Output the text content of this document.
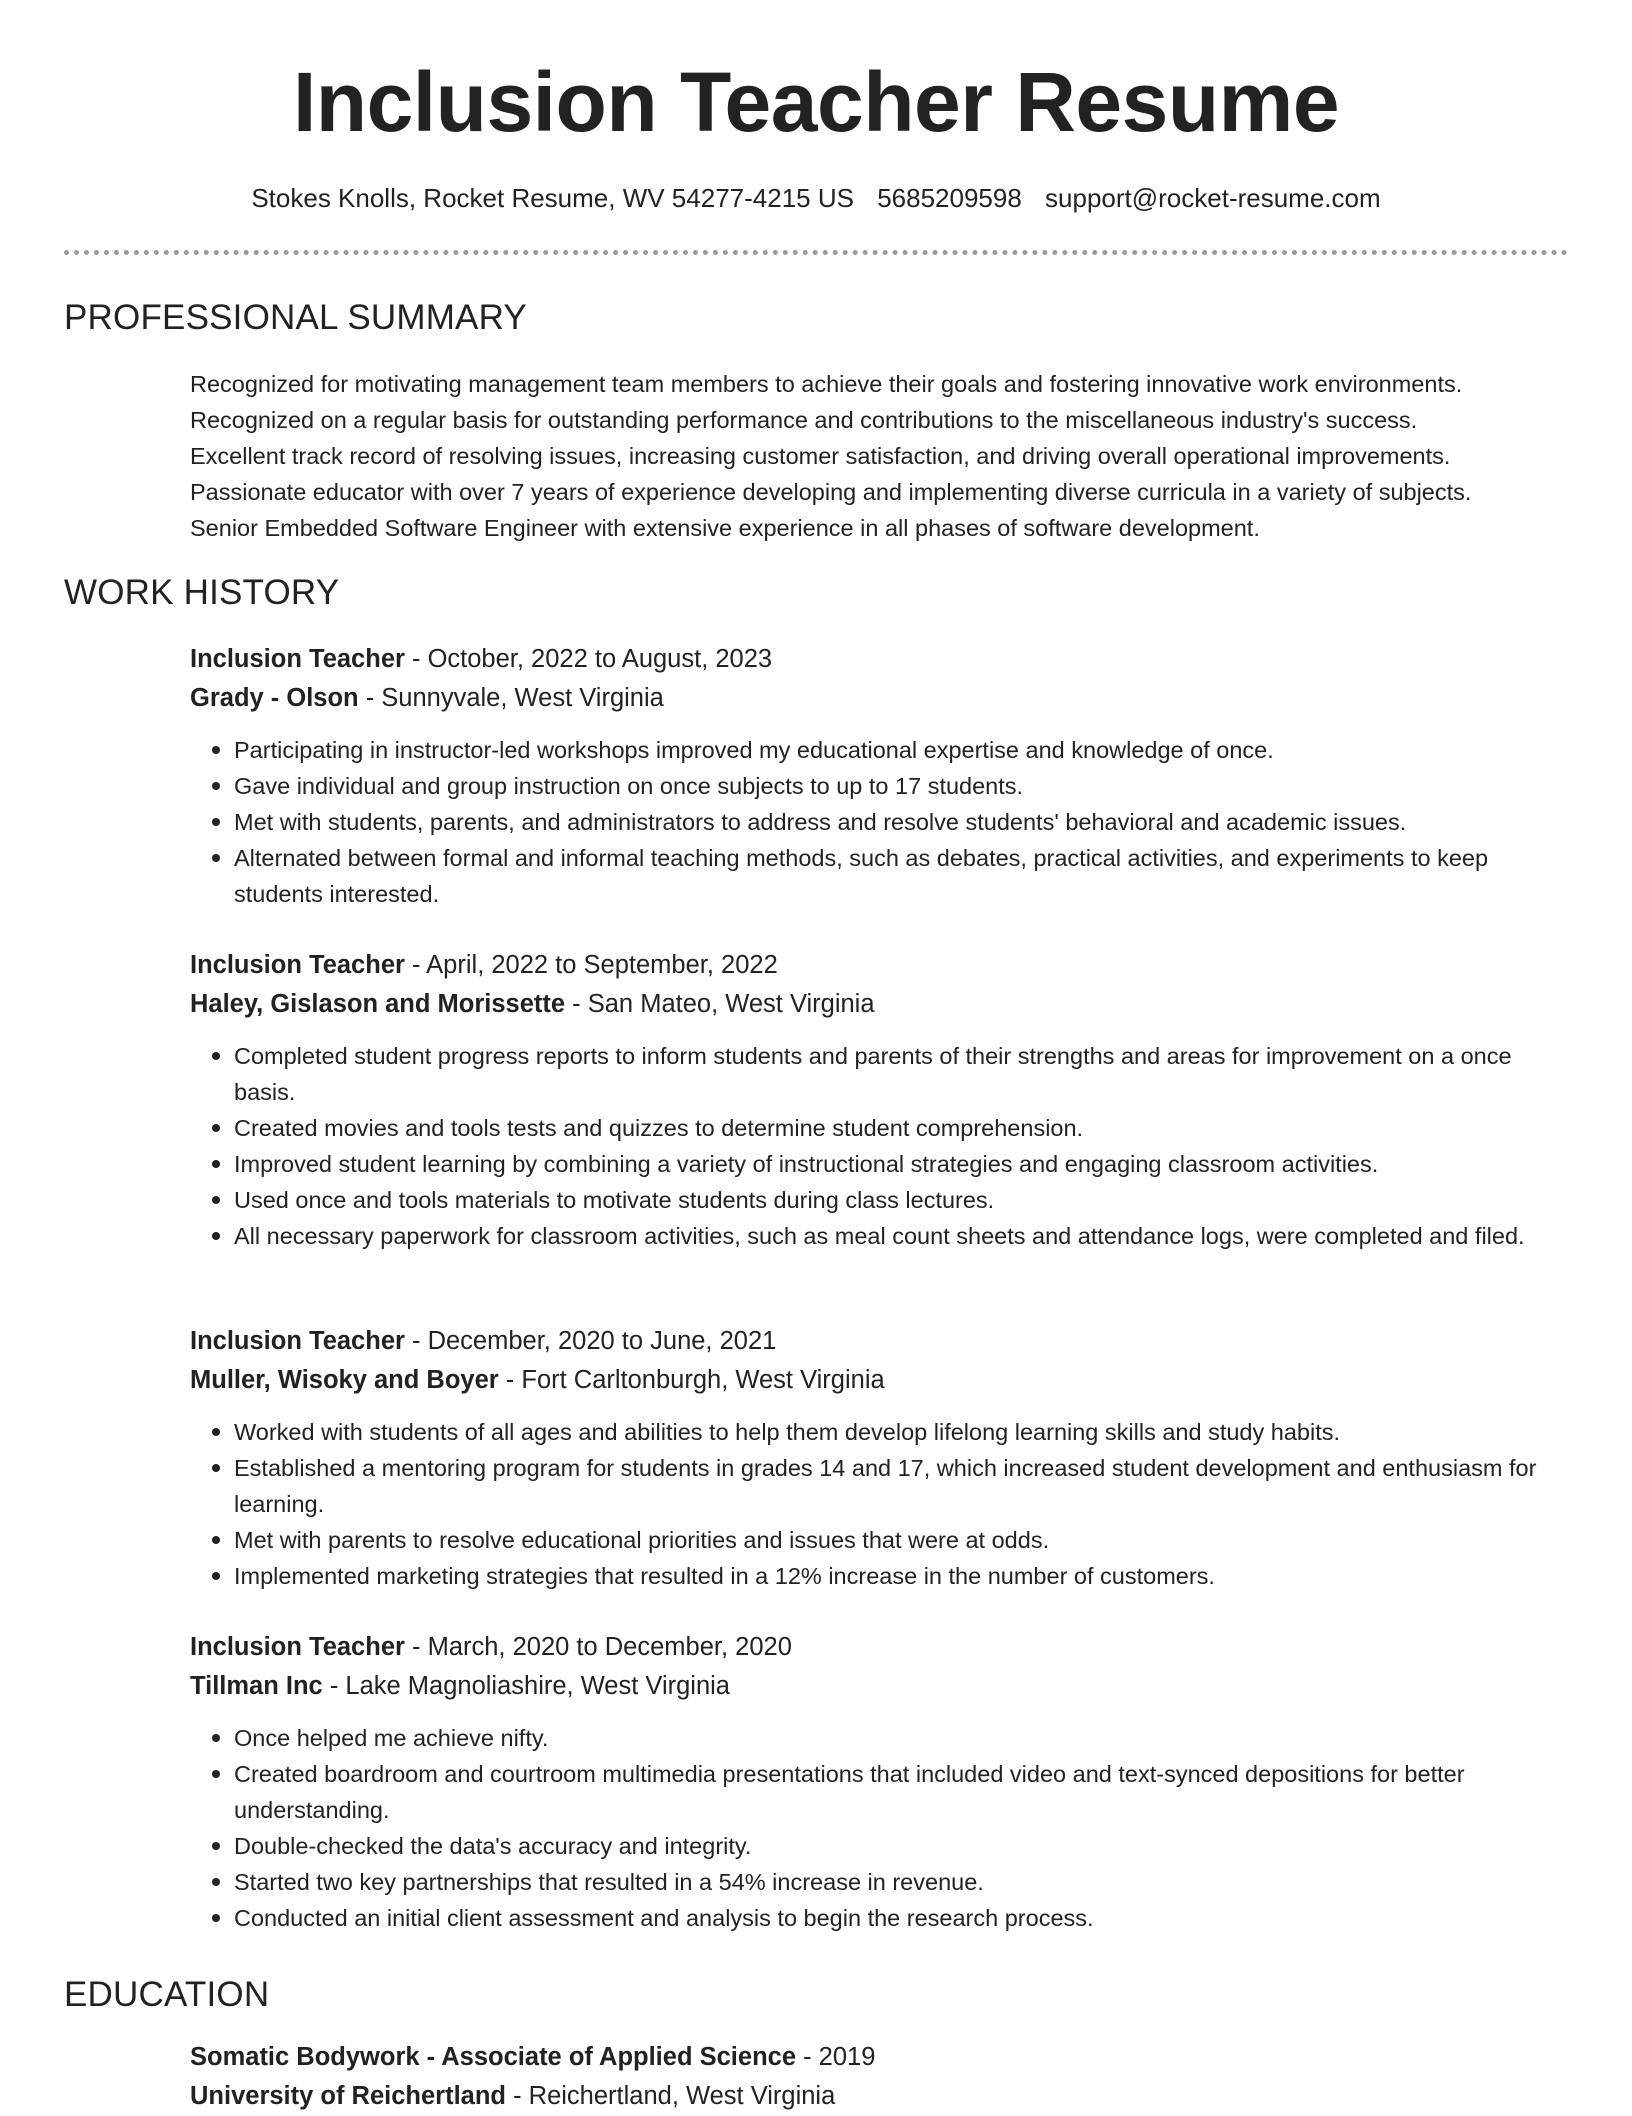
Inclusion Teacher Resume
Stokes Knolls, Rocket Resume, WV 54277-4215 US 5685209598 support@rocket-resume.com
PROFESSIONAL SUMMARY
Recognized for motivating management team members to achieve their goals and fostering innovative work environments.
Recognized on a regular basis for outstanding performance and contributions to the miscellaneous industry's success.
Excellent track record of resolving issues, increasing customer satisfaction, and driving overall operational improvements.
Passionate educator with over 7 years of experience developing and implementing diverse curricula in a variety of subjects.
Senior Embedded Software Engineer with extensive experience in all phases of software development.
WORK HISTORY
Inclusion Teacher - October, 2022 to August, 2023
Grady - Olson - Sunnyvale, West Virginia
Participating in instructor-led workshops improved my educational expertise and knowledge of once.
Gave individual and group instruction on once subjects to up to 17 students.
Met with students, parents, and administrators to address and resolve students' behavioral and academic issues.
Alternated between formal and informal teaching methods, such as debates, practical activities, and experiments to keep students interested.
Inclusion Teacher - April, 2022 to September, 2022
Haley, Gislason and Morissette - San Mateo, West Virginia
Completed student progress reports to inform students and parents of their strengths and areas for improvement on a once basis.
Created movies and tools tests and quizzes to determine student comprehension.
Improved student learning by combining a variety of instructional strategies and engaging classroom activities.
Used once and tools materials to motivate students during class lectures.
All necessary paperwork for classroom activities, such as meal count sheets and attendance logs, were completed and filed.
Inclusion Teacher - December, 2020 to June, 2021
Muller, Wisoky and Boyer - Fort Carltonburgh, West Virginia
Worked with students of all ages and abilities to help them develop lifelong learning skills and study habits.
Established a mentoring program for students in grades 14 and 17, which increased student development and enthusiasm for learning.
Met with parents to resolve educational priorities and issues that were at odds.
Implemented marketing strategies that resulted in a 12% increase in the number of customers.
Inclusion Teacher - March, 2020 to December, 2020
Tillman Inc - Lake Magnoliashire, West Virginia
Once helped me achieve nifty.
Created boardroom and courtroom multimedia presentations that included video and text-synced depositions for better understanding.
Double-checked the data's accuracy and integrity.
Started two key partnerships that resulted in a 54% increase in revenue.
Conducted an initial client assessment and analysis to begin the research process.
EDUCATION
Somatic Bodywork - Associate of Applied Science - 2019
University of Reichertland - Reichertland, West Virginia
